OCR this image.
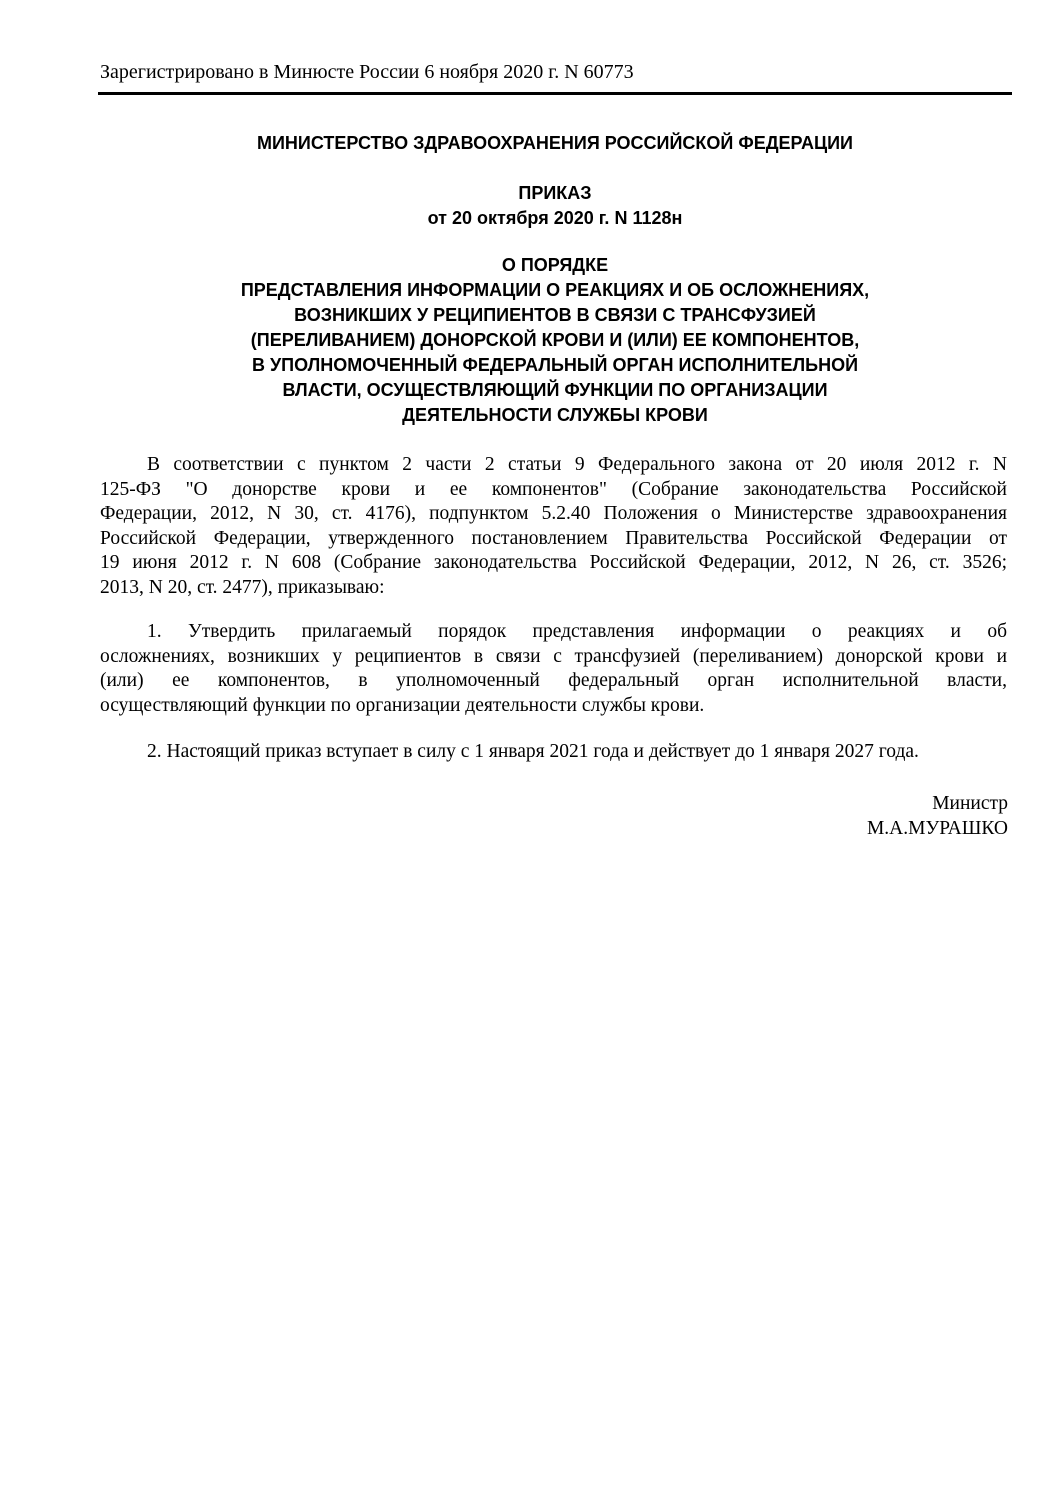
Зарегистрировано в Минюсте России 6 ноября 2020 г. N 60773
МИНИСТЕРСТВО ЗДРАВООХРАНЕНИЯ РОССИЙСКОЙ ФЕДЕРАЦИИ
ПРИКАЗ
от 20 октября 2020 г. N 1128н
О ПОРЯДКЕ
ПРЕДСТАВЛЕНИЯ ИНФОРМАЦИИ О РЕАКЦИЯХ И ОБ ОСЛОЖНЕНИЯХ,
ВОЗНИКШИХ У РЕЦИПИЕНТОВ В СВЯЗИ С ТРАНСФУЗИЕЙ
(ПЕРЕЛИВАНИЕМ) ДОНОРСКОЙ КРОВИ И (ИЛИ) ЕЕ КОМПОНЕНТОВ,
В УПОЛНОМОЧЕННЫЙ ФЕДЕРАЛЬНЫЙ ОРГАН ИСПОЛНИТЕЛЬНОЙ
ВЛАСТИ, ОСУЩЕСТВЛЯЮЩИЙ ФУНКЦИИ ПО ОРГАНИЗАЦИИ
ДЕЯТЕЛЬНОСТИ СЛУЖБЫ КРОВИ
В соответствии с пунктом 2 части 2 статьи 9 Федерального закона от 20 июля 2012 г. N
125-ФЗ "О донорстве крови и ее компонентов" (Собрание законодательства Российской
Федерации, 2012, N 30, ст. 4176), подпунктом 5.2.40 Положения о Министерстве здравоохранения
Российской Федерации, утвержденного постановлением Правительства Российской Федерации от
19 июня 2012 г. N 608 (Собрание законодательства Российской Федерации, 2012, N 26, ст. 3526;
2013, N 20, ст. 2477), приказываю:
1. Утвердить прилагаемый порядок представления информации о реакциях и об
осложнениях, возникших у реципиентов в связи с трансфузией (переливанием) донорской крови и
(или) ее компонентов, в уполномоченный федеральный орган исполнительной власти,
осуществляющий функции по организации деятельности службы крови.
2. Настоящий приказ вступает в силу с 1 января 2021 года и действует до 1 января 2027 года.
Министр
М.А.МУРАШКО
